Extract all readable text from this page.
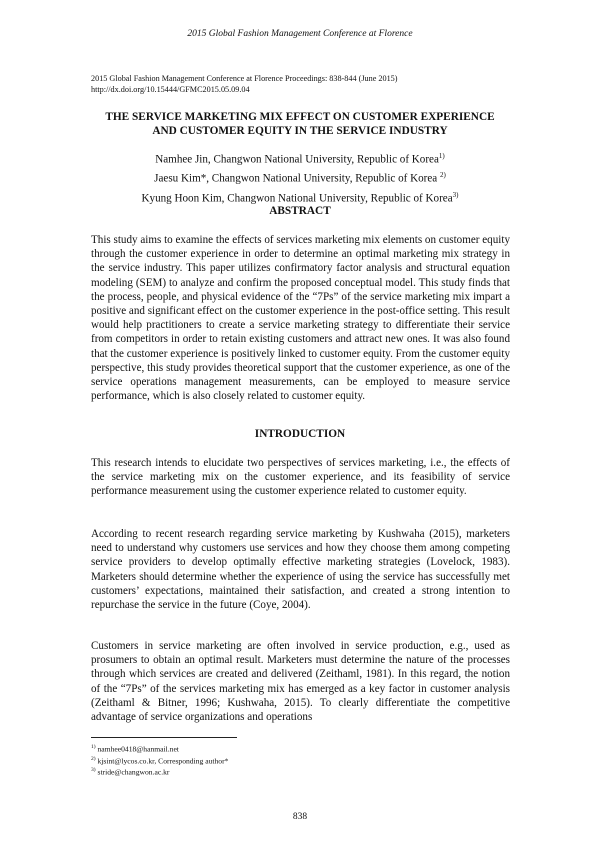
2015 Global Fashion Management Conference at Florence
2015 Global Fashion Management Conference at Florence Proceedings: 838-844 (June 2015)
http://dx.doi.org/10.15444/GFMC2015.05.09.04
THE SERVICE MARKETING MIX EFFECT ON CUSTOMER EXPERIENCE
AND CUSTOMER EQUITY IN THE SERVICE INDUSTRY
Namhee Jin, Changwon National University, Republic of Korea$^{1)}$
Jaesu Kim*, Changwon National University, Republic of Korea $^{2)}$
Kyung Hoon Kim, Changwon National University, Republic of Korea$^{3)}$
ABSTRACT

This study aims to examine the effects of services marketing mix elements on customer equity through the customer experience in order to determine an optimal marketing mix strategy in the service industry. This paper utilizes confirmatory factor analysis and structural equation modeling (SEM) to analyze and confirm the proposed conceptual model. This study finds that the process, people, and physical evidence of the “7Ps” of the service marketing mix impart a positive and significant effect on the customer experience in the post-office setting. This result would help practitioners to create a service marketing strategy to differentiate their service from competitors in order to retain existing customers and attract new ones. It was also found that the customer experience is positively linked to customer equity. From the customer equity perspective, this study provides theoretical support that the customer experience, as one of the service operations management measurements, can be employed to measure service performance, which is also closely related to customer equity.

INTRODUCTION

This research intends to elucidate two perspectives of services marketing, i.e., the effects of the service marketing mix on the customer experience, and its feasibility of service performance measurement using the customer experience related to customer equity.

According to recent research regarding service marketing by Kushwaha (2015), marketers need to understand why customers use services and how they choose them among competing service providers to develop optimally effective marketing strategies (Lovelock, 1983). Marketers should determine whether the experience of using the service has successfully met customers’ expectations, maintained their satisfaction, and created a strong intention to repurchase the service in the future (Coye, 2004).

Customers in service marketing are often involved in service production, e.g., used as prosumers to obtain an optimal result. Marketers must determine the nature of the processes through which services are created and delivered (Zeithaml, 1981). In this regard, the notion of the “7Ps” of the services marketing mix has emerged as a key factor in customer analysis (Zeithaml & Bitner, 1996; Kushwaha, 2015). To clearly differentiate the competitive advantage of service organizations and operations

$^{1)}$ namhee0418@hanmail.net
$^{2)}$ kjsint@lycos.co.kr, Corresponding author*
$^{3)}$ stride@changwon.ac.kr
838
